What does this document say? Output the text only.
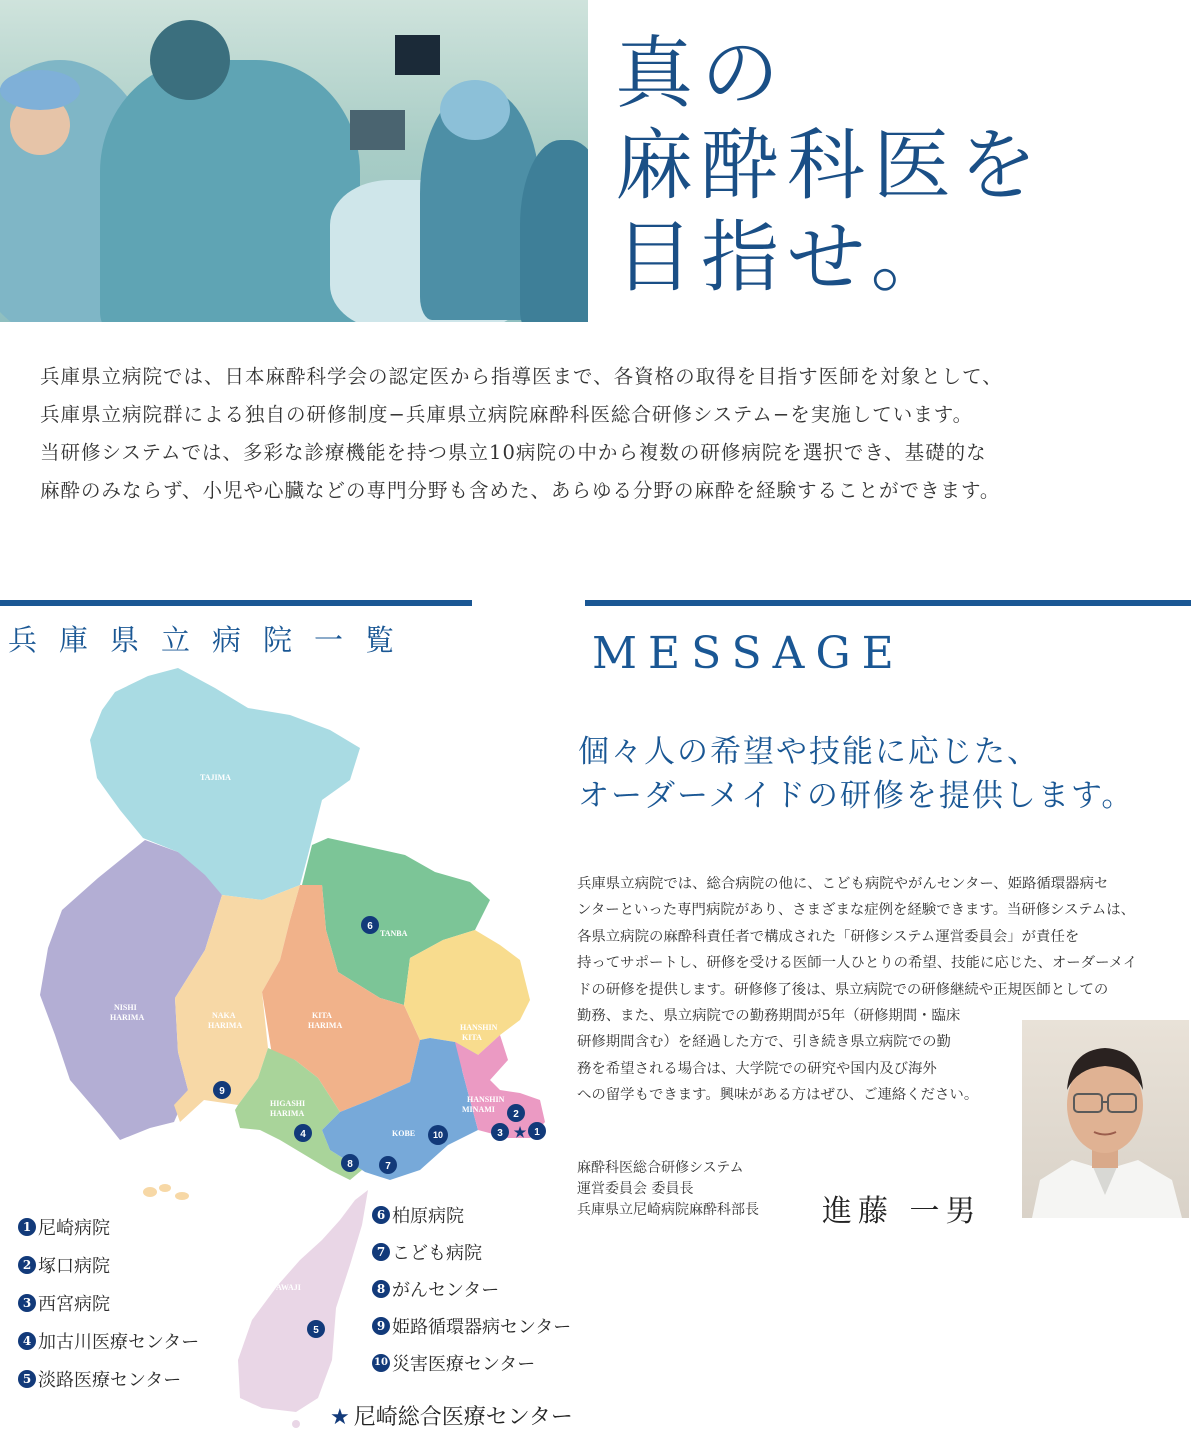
真の
麻酔科医を
目指せ。
兵庫県立病院では、日本麻酔科学会の認定医から指導医まで、各資格の取得を目指す医師を対象として、
兵庫県立病院群による独自の研修制度−兵庫県立病院麻酔科医総合研修システム−を実施しています。
当研修システムでは、多彩な診療機能を持つ県立10病院の中から複数の研修病院を選択でき、基礎的な
麻酔のみならず、小児や心臓などの専門分野も含めた、あらゆる分野の麻酔を経験することができます。
兵庫県立病院一覧
TAJIMA
TANBA
NISHI
HARIMA	NAKA
HARIMA
KITA
HARIMA	HANSHIN
KITA
HIGASHI
HARIMA
KOBE
HANSHIN
MINAMI
AWAJI
1
2
3
4
5
6
7
8
9
10	★
1 尼崎病院
2 塚口病院
3 西宮病院
4 加古川医療センター
5 淡路医療センター
6 柏原病院
7 こども病院
8 がんセンター
9 姫路循環器病センター
10 災害医療センター
★ 尼崎総合医療センター
MESSAGE
個々人の希望や技能に応じた、
オーダーメイドの研修を提供します。
兵庫県立病院では、総合病院の他に、こども病院やがんセンター、姫路循環器病セ
ンターといった専門病院があり、さまざまな症例を経験できます。当研修システムは、
各県立病院の麻酔科責任者で構成された「研修システム運営委員会」が責任を
持ってサポートし、研修を受ける医師一人ひとりの希望、技能に応じた、オーダーメイ
ドの研修を提供します。研修修了後は、県立病院での研修継続や正規医師としての
勤務、また、県立病院での勤務期間が5年（研修期間・臨床
研修期間含む）を経過した方で、引き続き県立病院での勤
務を希望される場合は、大学院での研究や国内及び海外
への留学もできます。興味がある方はぜひ、ご連絡ください。
麻酔科医総合研修システム
運営委員会 委員長
兵庫県立尼崎病院麻酔科部長 進藤 一男
